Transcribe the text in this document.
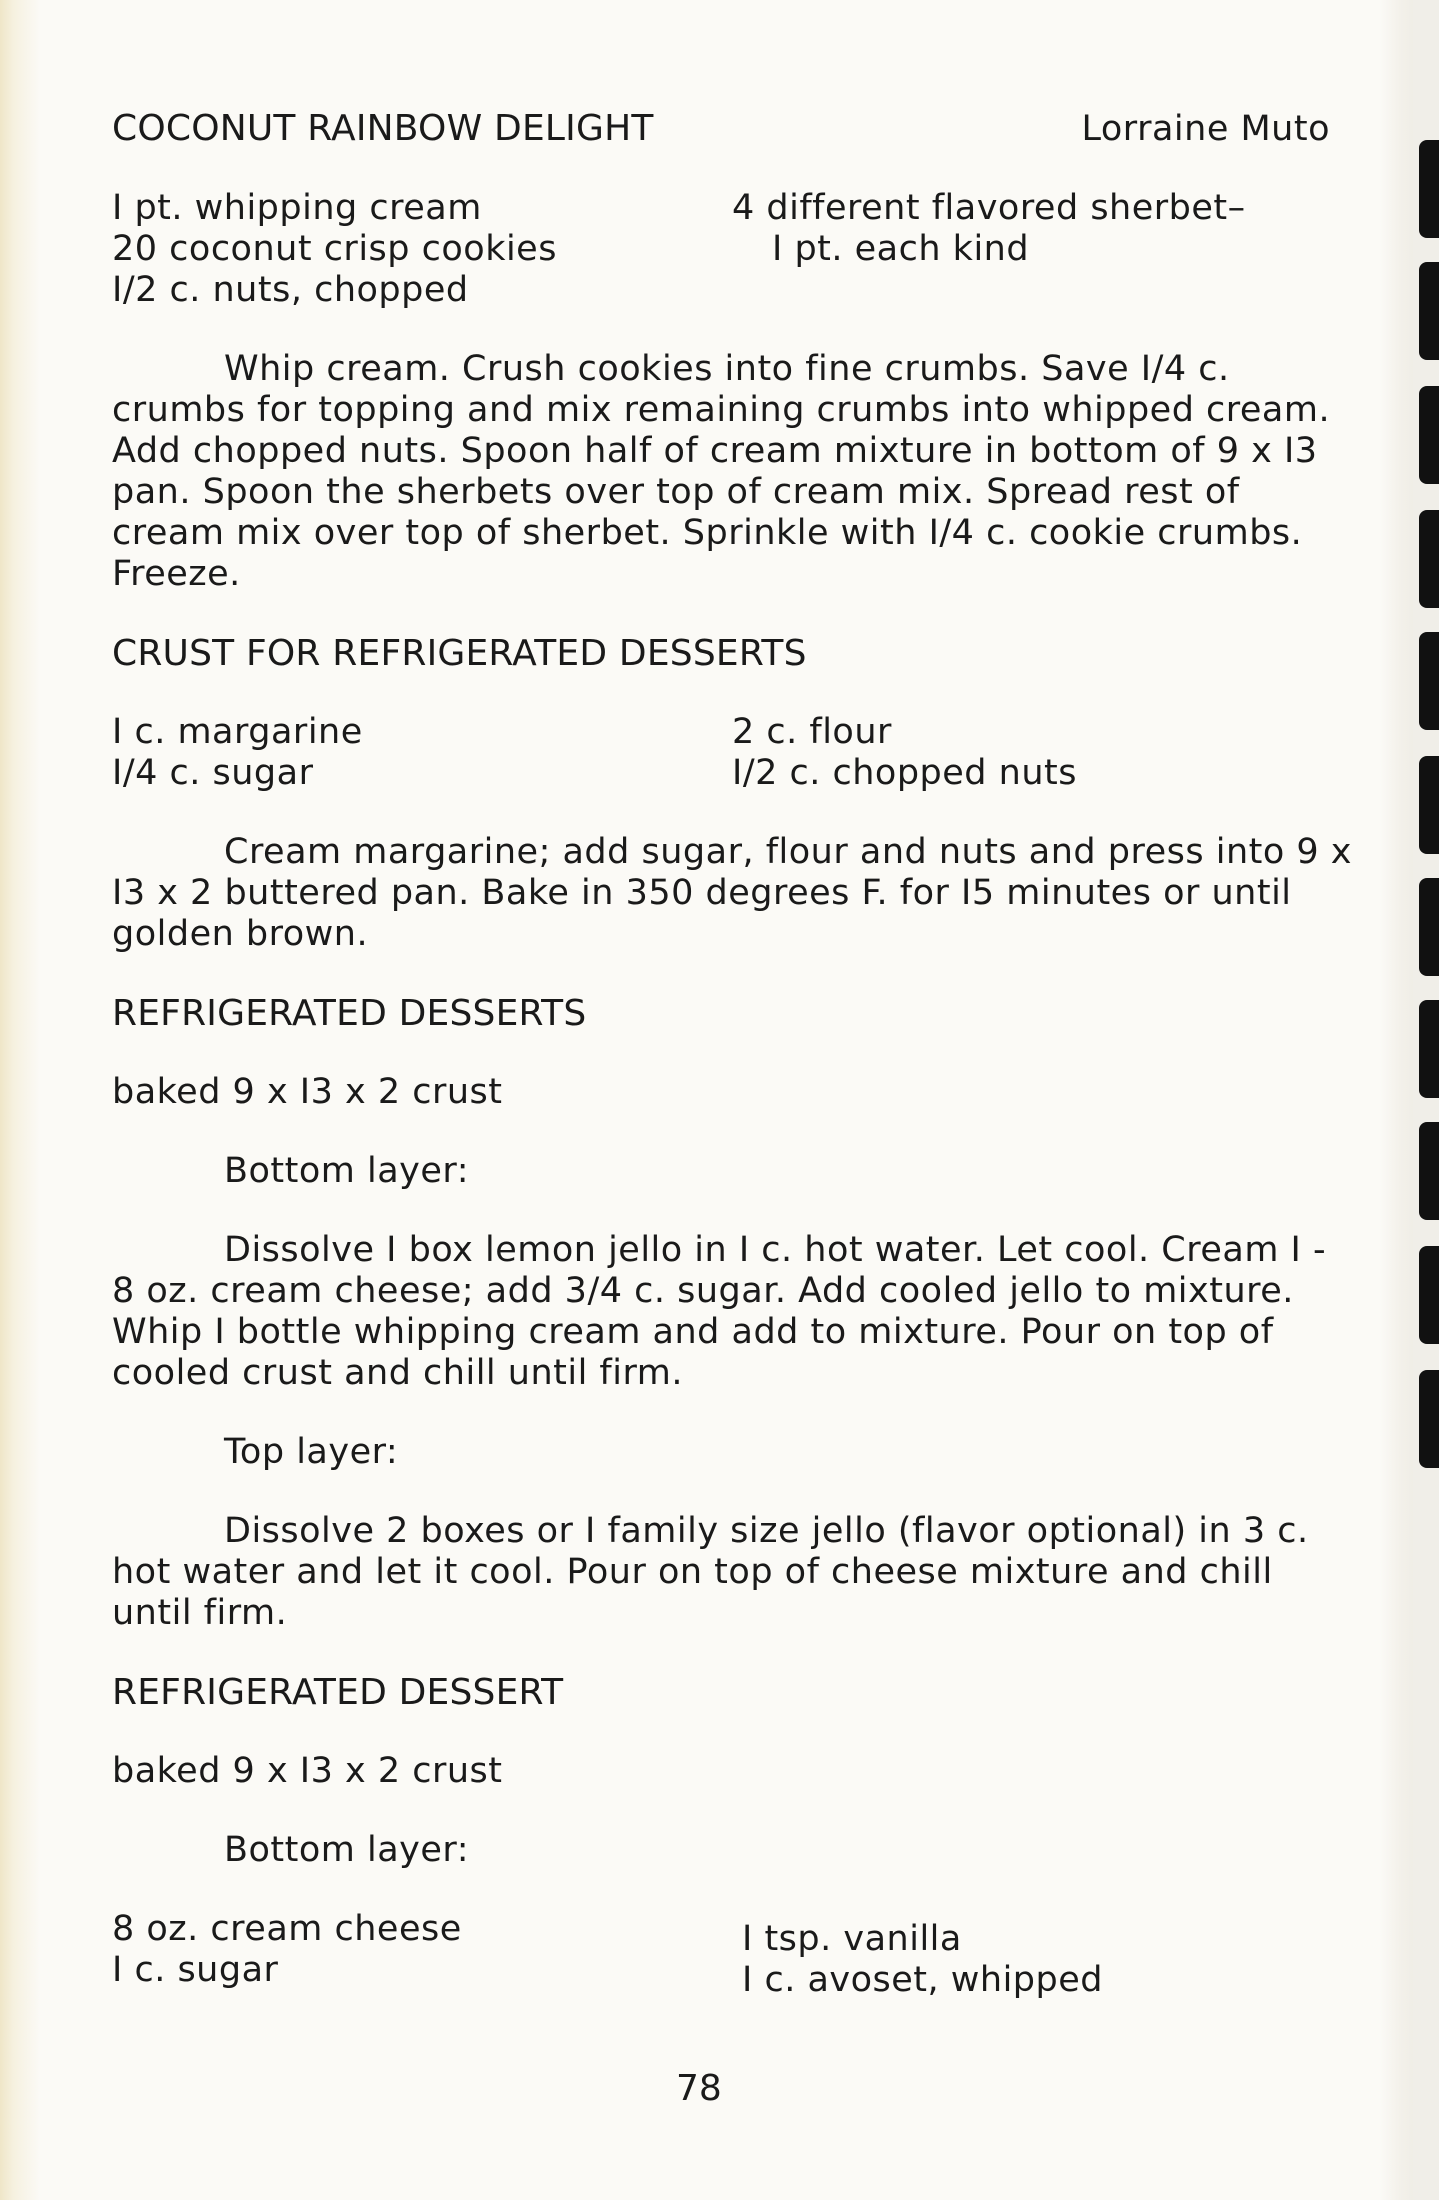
COCONUT RAINBOW DELIGHT	Lorraine Muto
I pt. whipping cream
20 coconut crisp cookies
I/2 c. nuts, chopped
4 different flavored sherbet–
I pt. each kind

Whip cream. Crush cookies into fine crumbs. Save I/4 c. crumbs for topping and mix remaining crumbs into whipped cream. Add chopped nuts. Spoon half of cream mixture in bottom of 9 x I3 pan. Spoon the sherbets over top of cream mix. Spread rest of cream mix over top of sherbet. Sprinkle with I/4 c. cookie crumbs. Freeze.

CRUST FOR REFRIGERATED DESSERTS
I c. margarine
I/4 c. sugar
2 c. flour
I/2 c. chopped nuts

Cream margarine; add sugar, flour and nuts and press into 9 x I3 x 2 buttered pan. Bake in 350 degrees F. for I5 minutes or until golden brown.

REFRIGERATED DESSERTS
baked 9 x I3 x 2 crust
Bottom layer:

Dissolve I box lemon jello in I c. hot water. Let cool. Cream I - 8 oz. cream cheese; add 3/4 c. sugar. Add cooled jello to mixture. Whip I bottle whipping cream and add to mixture. Pour on top of cooled crust and chill until firm.

Top layer:

Dissolve 2 boxes or I family size jello (flavor optional) in 3 c. hot water and let it cool. Pour on top of cheese mixture and chill until firm.

REFRIGERATED DESSERT
baked 9 x I3 x 2 crust
Bottom layer:
8 oz. cream cheese
I c. sugar
I tsp. vanilla
I c. avoset, whipped
78
